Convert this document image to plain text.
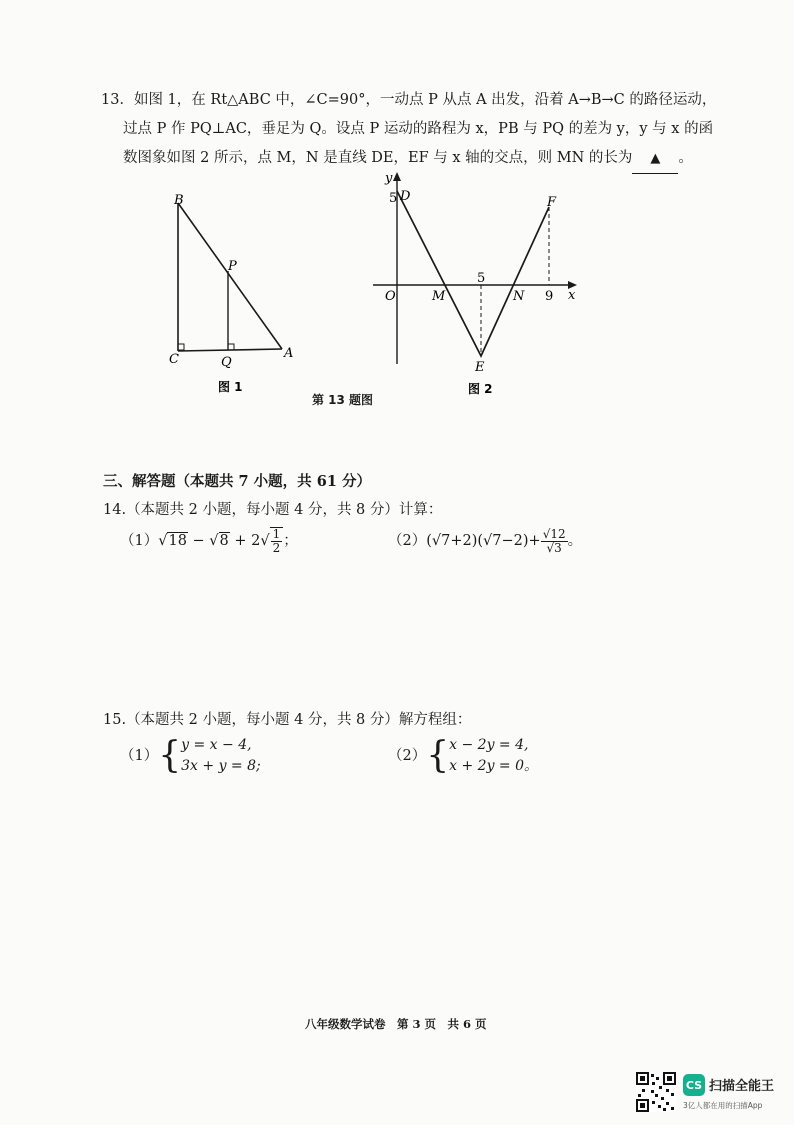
13．如图 1，在 Rt△ABC 中，∠C=90°，一动点 P 从点 A 出发，沿着 A→B→C 的路径运动，
过点 P 作 PQ⊥AC，垂足为 Q。设点 P 运动的路程为 x，PB 与 PQ 的差为 y，y 与 x 的函
数图象如图 2 所示，点 M，N 是直线 DE，EF 与 x 轴的交点，则 MN 的长为 ▲ 。
B
P
C	Q
A
图 1
y
x
5 D	F
O	M
5
N 9
E
图 2
第 13 题图
三、解答题（本题共 7 小题，共 61 分）
14.（本题共 2 小题，每小题 4 分，共 8 分）计算：
$(1)√18 - √8 + 2√ \frac{1}{2}$ ；	$(2)(√7+2)(√7-2)+ \frac{√12}{√3}$ 。
15.（本题共 2 小题，每小题 4 分，共 8 分）解方程组：
（1） { y = x − 4,
3x + y = 8;
（2） { x − 2y = 4,
x + 2y = 0。
八年级数学试卷　第 3 页　共 6 页
CS 扫描全能王
3亿人都在用的扫描App
